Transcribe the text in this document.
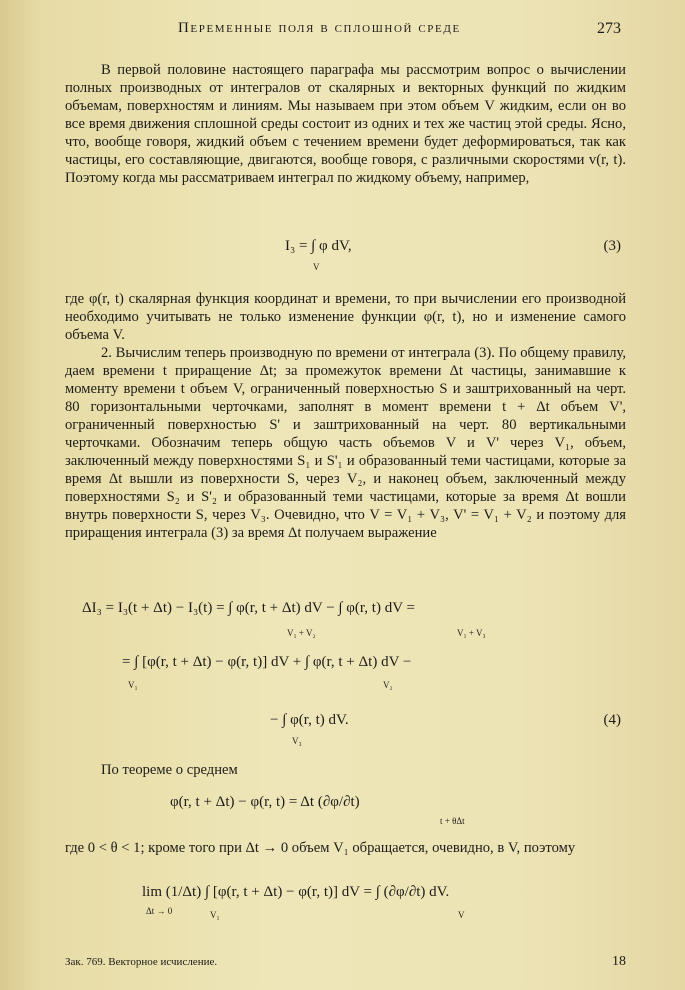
Переменные поля в сплошной среде	273
В первой половине настоящего параграфа мы рассмотрим вопрос о вычислении полных производных от интегралов от скалярных и векторных функций по жидким объемам, поверхностям и линиям. Мы называем при этом объем V жидким, если он во все время движения сплошной среды состоит из одних и тех же частиц этой среды. Ясно, что, вообще говоря, жидкий объем с течением времени будет деформироваться, так как частицы, его составляющие, двигаются, вообще говоря, с различными скоростями v(r, t). Поэтому когда мы рассматриваем интеграл по жидкому объему, например,
I₃ = ∫ φ dV,
V
(3)
где φ(r, t) скалярная функция координат и времени, то при вычислении его производной необходимо учитывать не только изменение функции φ(r, t), но и изменение самого объема V.
2. Вычислим теперь производную по времени от интеграла (3). По общему правилу, даем времени t приращение Δt; за промежуток времени Δt частицы, занимавшие к моменту времени t объем V, ограниченный поверхностью S и заштрихованный на черт. 80 горизонтальными черточками, заполнят в момент времени t + Δt объем V', ограниченный поверхностью S' и заштрихованный на черт. 80 вертикальными черточками. Обозначим теперь общую часть объемов V и V' через V₁, объем, заключенный между поверхностями S₁ и S'₁ и образованный теми частицами, которые за время Δt вышли из поверхности S, через V₂, и наконец объем, заключенный между поверхностями S₂ и S'₂ и образованный теми частицами, которые за время Δt вошли внутрь поверхности S, через V₃. Очевидно, что V = V₁ + V₃, V' = V₁ + V₂ и поэтому для приращения интеграла (3) за время Δt получаем выражение
ΔI₃ = I₃(t + Δt) − I₃(t) = ∫ φ(r, t + Δt) dV − ∫ φ(r, t) dV =
V₁ + V₂	V₁ + V₃
= ∫ [φ(r, t + Δt) − φ(r, t)] dV + ∫ φ(r, t + Δt) dV −
V₁	V₂
− ∫ φ(r, t) dV.
V₃
(4)
По теореме о среднем
φ(r, t + Δt) − φ(r, t) = Δt (∂φ/∂t)
t + θΔt
где 0 < θ < 1; кроме того при Δt → 0 объем V₁ обращается, очевидно, в V, поэтому
lim (1/Δt) ∫ [φ(r, t + Δt) − φ(r, t)] dV = ∫ (∂φ/∂t) dV.
Δt → 0	V₁	V
Зак. 769. Векторное исчисление.	18
